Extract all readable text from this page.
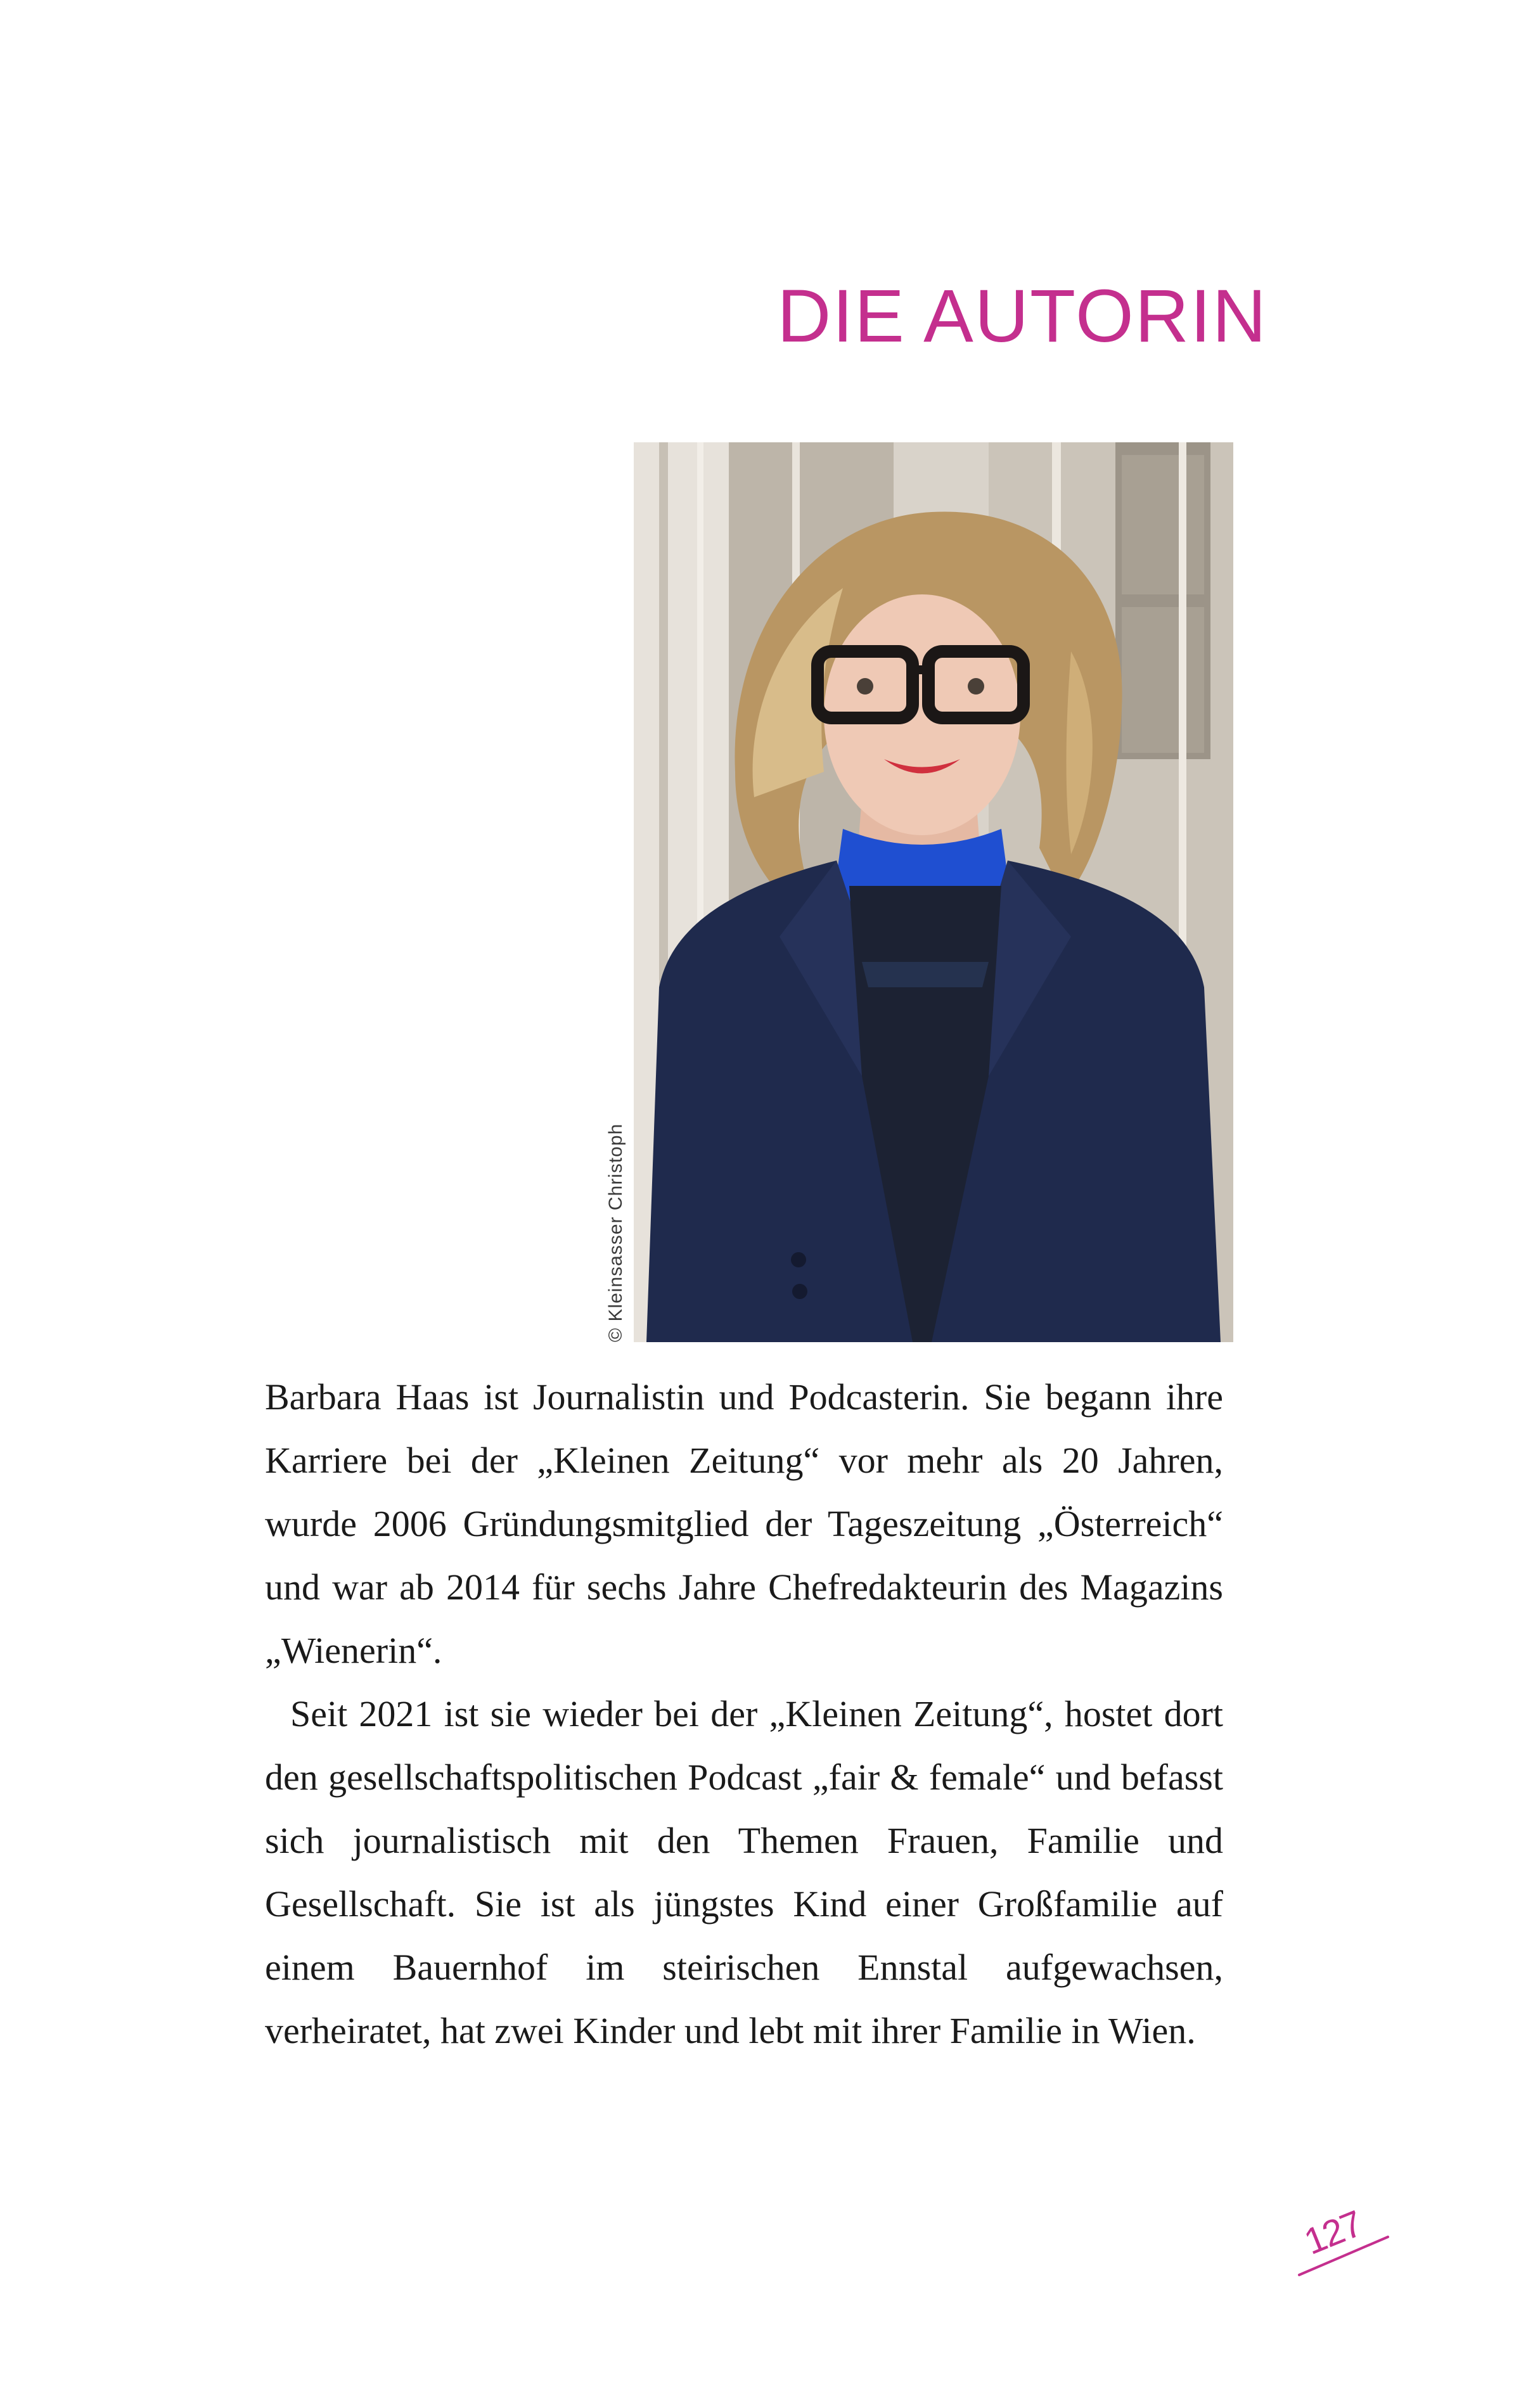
DIE AUTORIN
© Kleinsasser Christoph

Barbara Haas ist Journalistin und Podcasterin. Sie begann ihre Karriere bei der „Kleinen Zeitung“ vor mehr als 20 Jahren, wurde 2006 Gründungsmitglied der Tageszeitung „Österreich“ und war ab 2014 für sechs Jahre Chefredakteurin des Magazins „Wienerin“.

Seit 2021 ist sie wieder bei der „Kleinen Zeitung“, hostet dort den gesellschaftspolitischen Podcast „fair & female“ und befasst sich journalistisch mit den Themen Frauen, Familie und Gesellschaft. Sie ist als jüngstes Kind einer Großfamilie auf einem Bauernhof im steirischen Ennstal aufgewachsen, verheiratet, hat zwei Kinder und lebt mit ihrer Familie in Wien.

127
